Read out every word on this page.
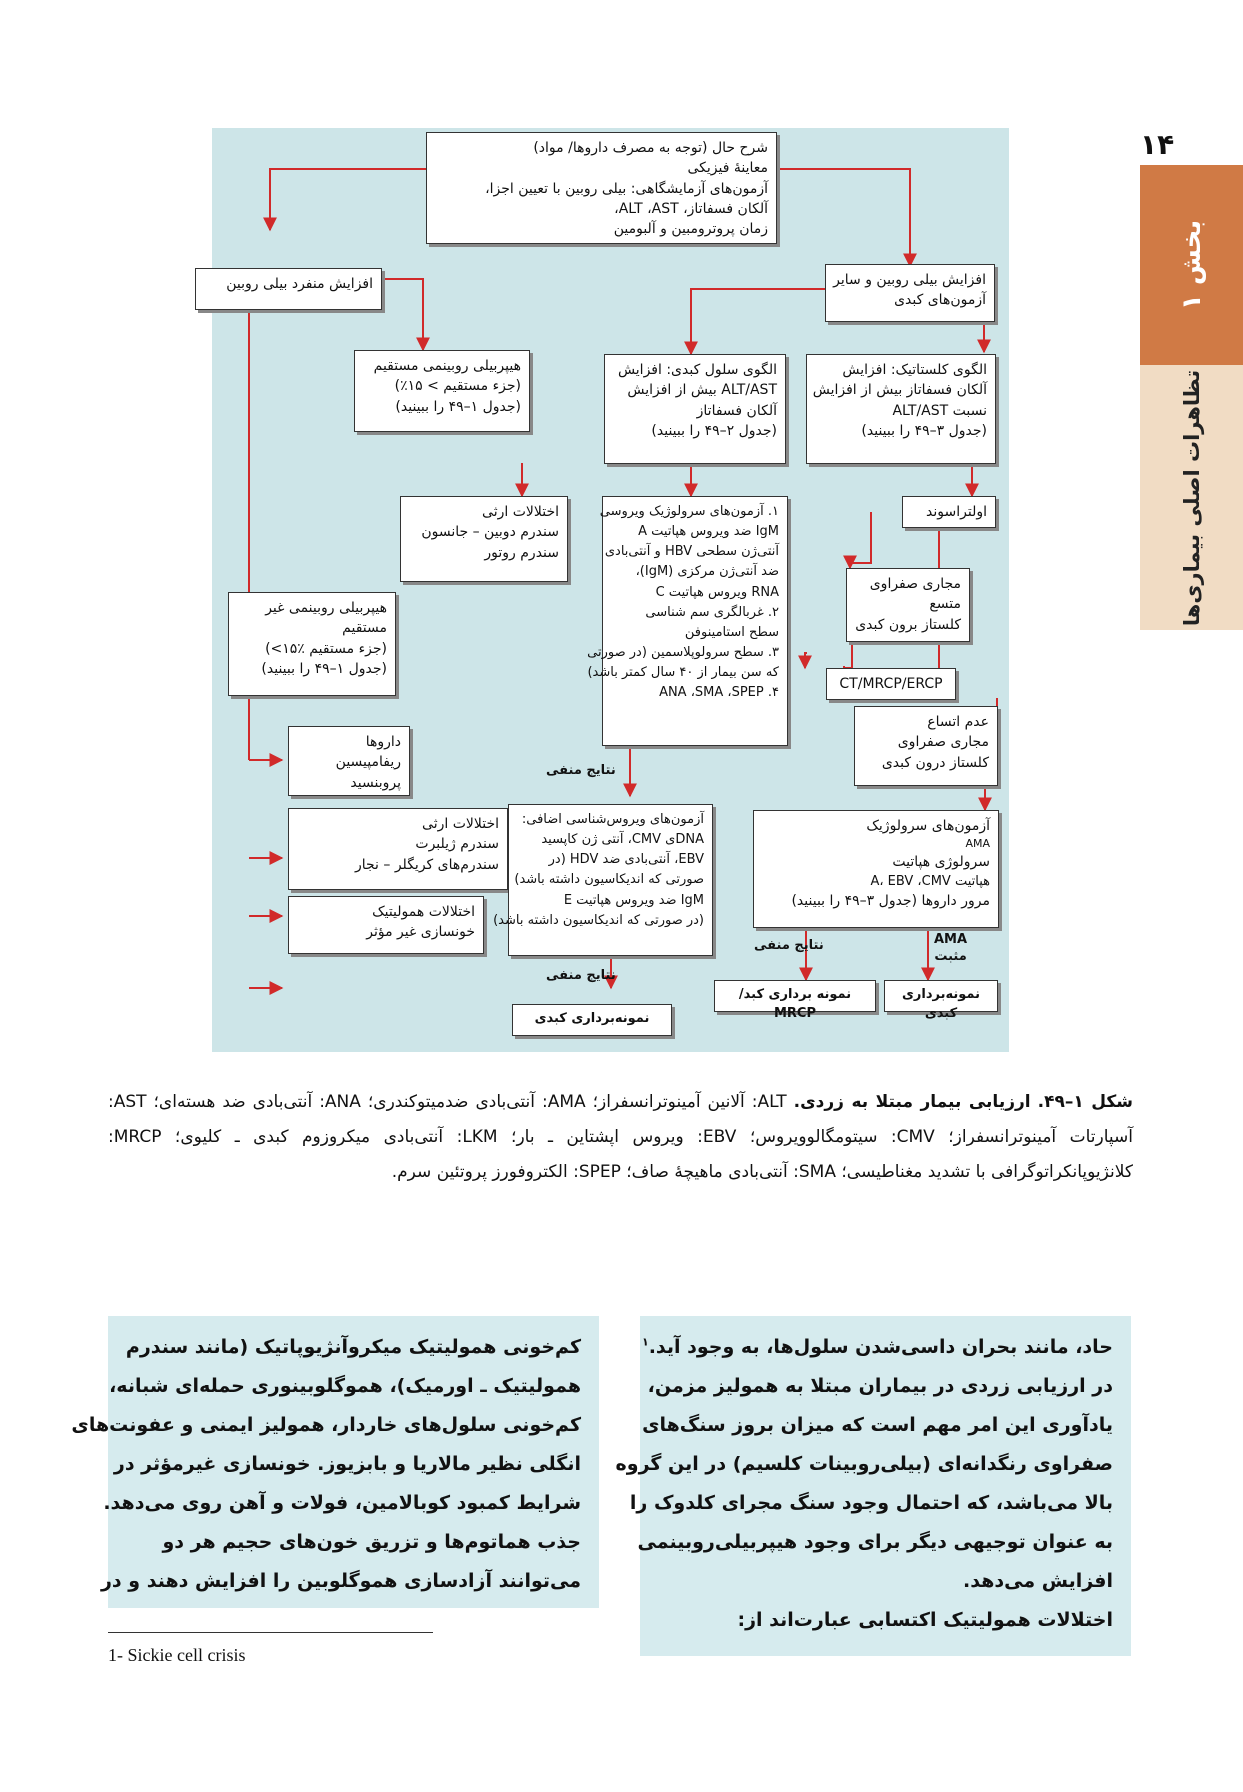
۱۴
بخش ۱
تظاهرات اصلی بیماری‌ها
شرح حال (توجه به مصرف داروها/ مواد)
معاینهٔ فیزیکی
آزمون‌های آزمایشگاهی: بیلی روبین با تعیین اجزا،
آلکان فسفاتاز، ALT ،AST،
زمان پروترومبین و آلبومین
افزایش منفرد بیلی روبین	افزایش بیلی روبین و سایر
آزمون‌های کبدی
هیپربیلی روبینمی مستقیم
(جزء مستقیم > ۱۵٪)
(جدول ۱–۴۹ را ببینید)
الگوی سلول کبدی: افزایش
ALT/AST بیش از افزایش
آلکان فسفاتاز
(جدول ۲–۴۹ را ببینید)
الگوی کلستاتیک: افزایش
آلکان فسفاتاز بیش از افزایش
نسبت ALT/AST
(جدول ۳–۴۹ را ببینید)
اختلالات ارثی
سندرم دوبین – جانسون
سندرم روتور
۱. آزمون‌های سرولوژیک ویروسی
IgM ضد ویروس هپاتیت A
آنتی‌ژن سطحی HBV و آنتی‌بادی
ضد آنتی‌ژن مرکزی (IgM)،
RNA ویروس هپاتیت C
۲. غربالگری سم شناسی
سطح استامینوفن
۳. سطح سرولوپلاسمین (در صورتی
که سن بیمار از ۴۰ سال کمتر باشد)
۴. ANA ،SMA ،SPEP
اولتراسوند
مجاری صفراوی
متسع
کلستاز برون کبدی
CT/MRCP/ERCP
عدم اتساع
مجاری صفراوی
کلستاز درون کبدی
هیپربیلی روبینمی غیر
مستقیم
(جزء مستقیم ‎<۱۵٪)
(جدول ۱–۴۹ را ببینید)
داروها
ریفامپیسین
پروبنسید
اختلالات ارثی
سندرم ژیلبرت
سندرم‌های کریگلر – نجار
اختلالات همولیتیک
خونسازی غیر مؤثر
نتایج منفی
آزمون‌های ویروس‌شناسی اضافی:
DNAی CMV، آنتی ژن کاپسید
EBV، آنتی‌بادی ضد HDV (در
صورتی که اندیکاسیون داشته باشد)
IgM ضد ویروس هپاتیت E
(در صورتی که اندیکاسیون داشته باشد)
آزمون‌های سرولوژیک
AMA
سرولوژی هپاتیت
هپاتیت A، EBV ،CMV
مرور داروها (جدول ۳–۴۹ را ببینید)
نتایج منفی	AMA
مثبت
نتایج منفی
نمونه‌برداری کبدی
نمونه برداری کبد/ MRCP
نمونه‌برداری کبدی
شکل ۱–۴۹. ارزیابی بیمار مبتلا به زردی. ALT: آلانین آمینوترانسفراز؛ AMA: آنتی‌بادی ضدمیتوکندری؛ ANA: آنتی‌بادی ضد هسته‌ای؛ AST: آسپارتات آمینوترانسفراز؛ CMV: سیتومگالوویروس؛ EBV: ویروس اپشتاین ـ بار؛ LKM: آنتی‌بادی میکروزوم کبدی ـ کلیوی؛ MRCP: کلانژیوپانکراتوگرافی با تشدید مغناطیسی؛ SMA: آنتی‌بادی ماهیچهٔ صاف؛ SPEP: الکتروفورز پروتئین سرم.
حاد، مانند بحران داسی‌شدن سلول‌ها، به وجود آید.$^۱$
در ارزیابی زردی در بیماران مبتلا به همولیز مزمن،
یادآوری این امر مهم است که میزان بروز سنگ‌های
صفراوی رنگدانه‌ای (بیلی‌روبینات کلسیم) در این گروه
بالا می‌باشد، که احتمال وجود سنگ مجرای کلدوک را
به عنوان توجیهی دیگر برای وجود هیپربیلی‌روبینمی
افزایش می‌دهد.
اختلالات همولیتیک اکتسابی عبارت‌اند از:
کم‌خونی همولیتیک میکروآنژیوپاتیک (مانند سندرم
همولیتیک ـ اورمیک)، هموگلوبینوری حمله‌ای شبانه،
کم‌خونی سلول‌های خاردار، همولیز ایمنی و عفونت‌های
انگلی نظیر مالاریا و بابزیوز. خونسازی غیرمؤثر در
شرایط کمبود کوبالامین، فولات و آهن روی می‌دهد.
جذب هماتوم‌ها و تزریق خون‌های حجیم هر دو
می‌توانند آزادسازی هموگلوبین را افزایش دهند و در
1- Sickie cell crisis
